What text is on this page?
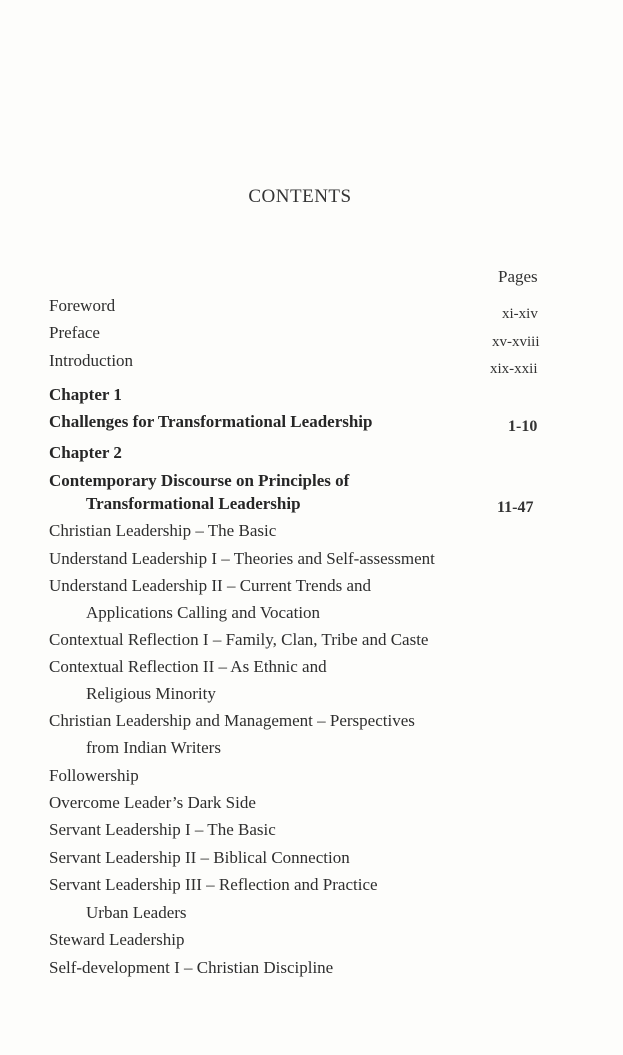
CONTENTS
Pages
Foreword
Preface
Introduction
Chapter 1
Challenges for Transformational Leadership
Chapter 2
Contemporary Discourse on Principles of
Transformational Leadership
Christian Leadership – The Basic
Understand Leadership I – Theories and Self-assessment
Understand Leadership II – Current Trends and
Applications Calling and Vocation
Contextual Reflection I – Family, Clan, Tribe and Caste
Contextual Reflection II – As Ethnic and
Religious Minority
Christian Leadership and Management – Perspectives
from Indian Writers
Followership
Overcome Leader’s Dark Side
Servant Leadership I – The Basic
Servant Leadership II – Biblical Connection
Servant Leadership III – Reflection and Practice
Urban Leaders
Steward Leadership
Self-development I – Christian Discipline
xi-xiv
xv-xviii
xix-xxii
1-10
11-47
